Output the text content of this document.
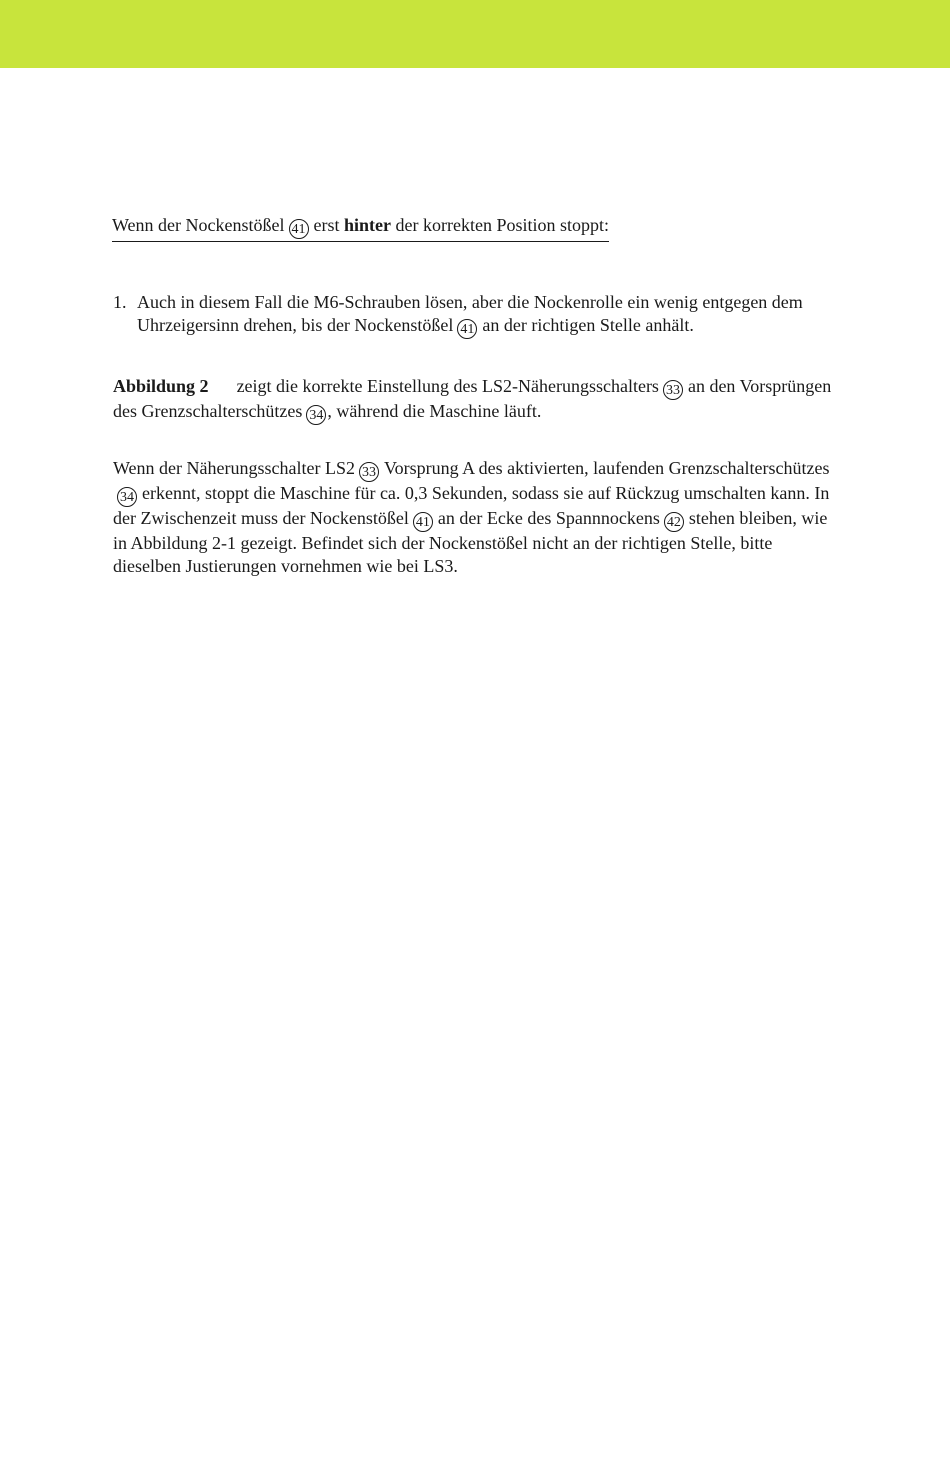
Wenn der Nockenstößel 41 erst hinter der korrekten Position stoppt:
1. Auch in diesem Fall die M6-Schrauben lösen, aber die Nockenrolle ein wenig entgegen dem Uhrzeigersinn drehen, bis der Nockenstößel 41 an der richtigen Stelle anhält.
Abbildung 2 zeigt die korrekte Einstellung des LS2-Näherungsschalters 33 an den Vorsprüngen des Grenzschalterschützes 34 , während die Maschine läuft.
Wenn der Näherungsschalter LS2 33 Vorsprung A des aktivierten, laufenden Grenzschalterschützes34 erkennt, stoppt die Maschine für ca. 0,3 Sekunden, sodass sie auf Rückzug umschalten kann. In der Zwischenzeit muss der Nockenstößel 41 an der Ecke des Spannnockens 42 stehen bleiben, wie in Abbildung 2-1 gezeigt. Befindet sich der Nockenstößel nicht an der richtigen Stelle, bitte dieselben Justierungen vornehmen wie bei LS3.
